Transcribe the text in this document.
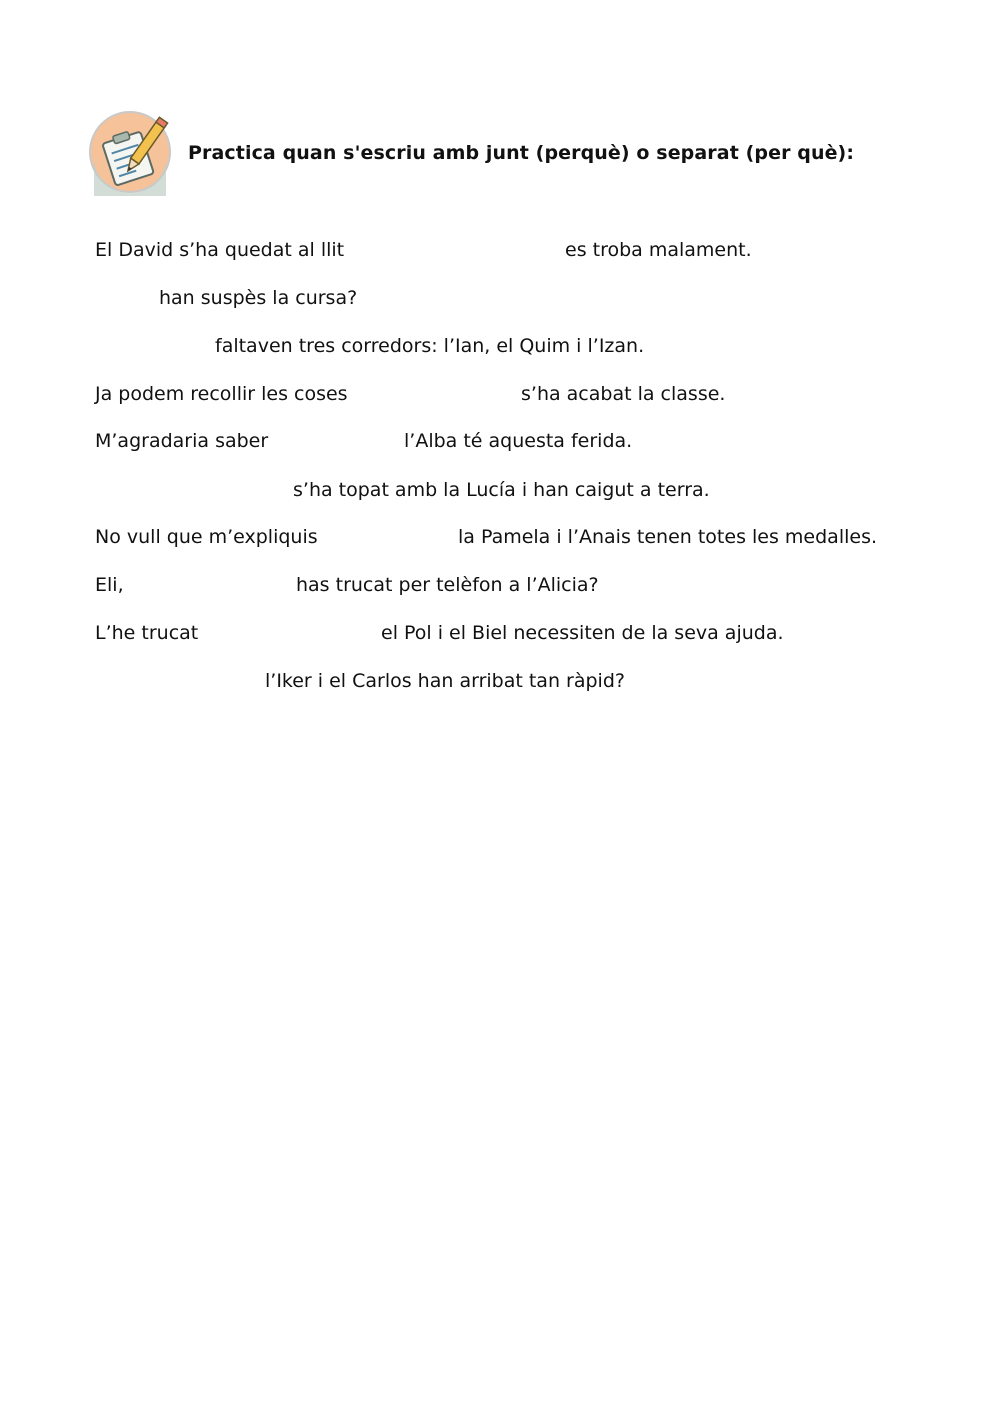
Practica quan s'escriu amb junt (perquè) o separat (per què):
El David s’ha quedat al llit	es troba malament.
han suspès la cursa?
faltaven tres corredors: l’Ian, el Quim i l’Izan.
Ja podem recollir les coses	s’ha acabat la classe.
M’agradaria saber	l’Alba té aquesta ferida.
s’ha topat amb la Lucía i han caigut a terra.
No vull que m’expliquis	la Pamela i l’Anais tenen totes les medalles.
Eli,	has trucat per telèfon a l’Alicia?
L’he trucat	el Pol i el Biel necessiten de la seva ajuda.
l’Iker i el Carlos han arribat tan ràpid?
